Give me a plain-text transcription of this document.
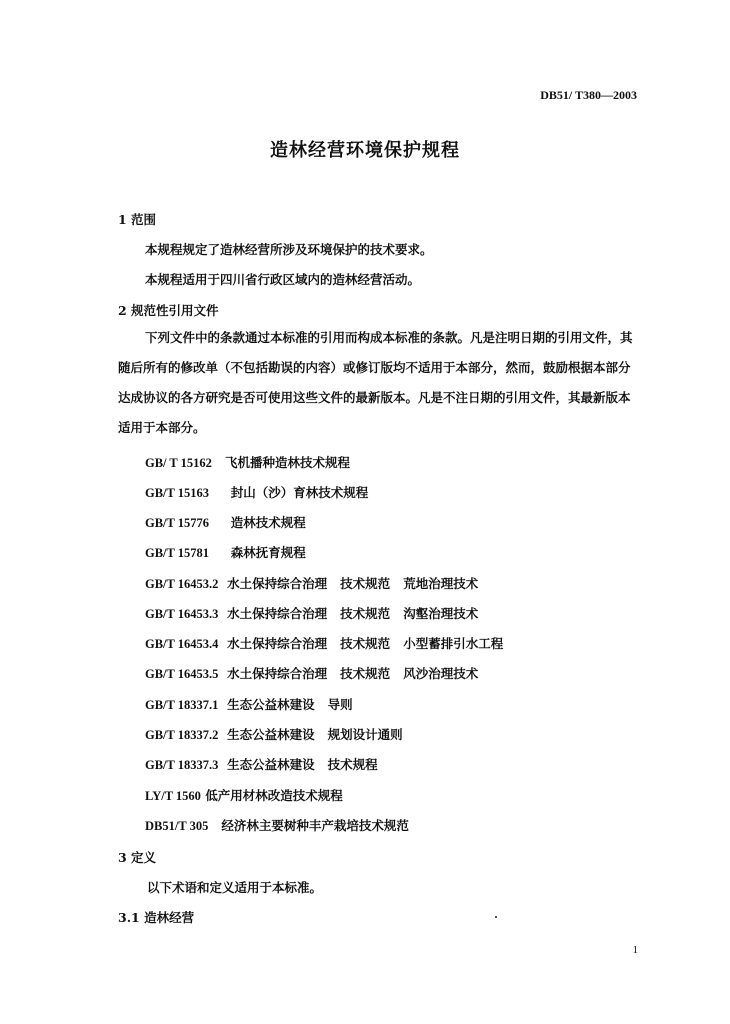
DB51/ T380—2003
造林经营环境保护规程
1 范围
本规程规定了造林经营所涉及环境保护的技术要求。
本规程适用于四川省行政区域内的造林经营活动。
2 规范性引用文件
下列文件中的条款通过本标准的引用而构成本标准的条款。凡是注明日期的引用文件，其随后所有的修改单（不包括勘误的内容）或修订版均不适用于本部分，然而，鼓励根据本部分达成协议的各方研究是否可使用这些文件的最新版本。凡是不注日期的引用文件，其最新版本适用于本部分。
GB/ T 15162 飞机播种造林技术规程
GB/T 15163 封山（沙）育林技术规程
GB/T 15776 造林技术规程
GB/T 15781 森林抚育规程
GB/T 16453.2 水土保持综合治理   技术规范   荒地治理技术
GB/T 16453.3 水土保持综合治理   技术规范   沟壑治理技术
GB/T 16453.4 水土保持综合治理   技术规范   小型蓄排引水工程
GB/T 16453.5 水土保持综合治理   技术规范   风沙治理技术
GB/T 18337.1 生态公益林建设   导则
GB/T 18337.2 生态公益林建设   规划设计通则
GB/T 18337.3 生态公益林建设   技术规程
LY/T 1560 低产用材林改造技术规程
DB51/T 305 经济林主要树种丰产栽培技术规范
3 定义
以下术语和定义适用于本标准。
3.1 造林经营
1
